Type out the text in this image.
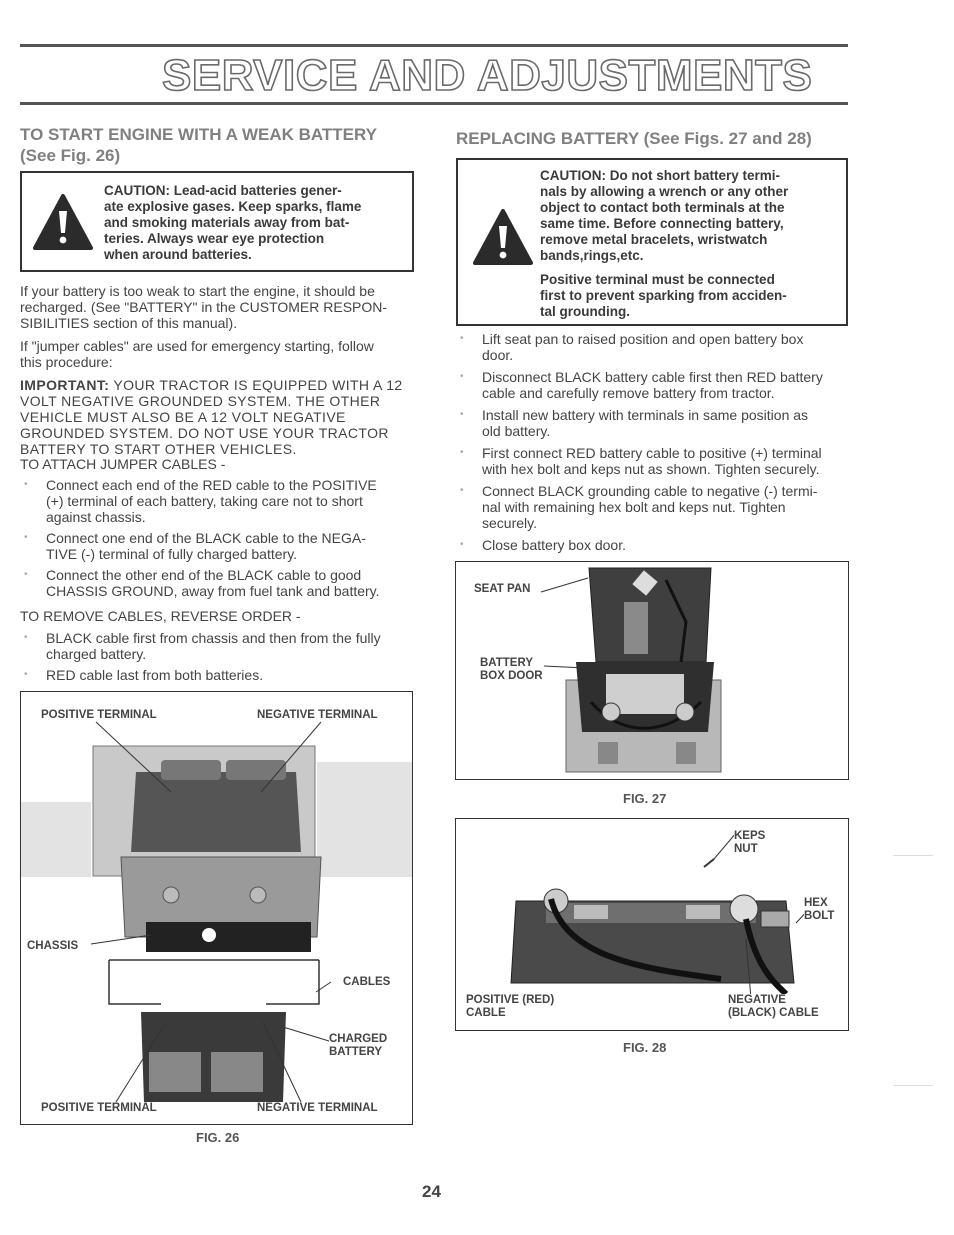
SERVICE AND ADJUSTMENTS
TO START ENGINE WITH A WEAK BATTERY
(See Fig. 26)
CAUTION: Lead-acid batteries gener-
ate explosive gases. Keep sparks, flame
and smoking materials away from bat-
teries. Always wear eye protection
when around batteries.

If your battery is too weak to start the engine, it should be
recharged. (See "BATTERY" in the CUSTOMER RESPON-
SIBILITIES section of this manual).

If "jumper cables" are used for emergency starting, follow
this procedure:

IMPORTANT: YOUR TRACTOR IS EQUIPPED WITH A 12
VOLT NEGATIVE GROUNDED SYSTEM. THE OTHER
VEHICLE MUST ALSO BE A 12 VOLT NEGATIVE
GROUNDED SYSTEM. DO NOT USE YOUR TRACTOR
BATTERY TO START OTHER VEHICLES.

TO ATTACH JUMPER CABLES -

• Connect each end of the RED cable to the POSITIVE
(+) terminal of each battery, taking care not to short
against chassis.
• Connect one end of the BLACK cable to the NEGA-
TIVE (-) terminal of fully charged battery.
• Connect the other end of the BLACK cable to good
CHASSIS GROUND, away from fuel tank and battery.

TO REMOVE CABLES, REVERSE ORDER -

• BLACK cable first from chassis and then from the fully
charged battery.
• RED cable last from both batteries.
POSITIVE TERMINAL	NEGATIVE TERMINAL
CHASSIS
CABLES
CHARGED
BATTERY
POSITIVE TERMINAL	NEGATIVE TERMINAL
FIG. 26
REPLACING BATTERY (See Figs. 27 and 28)
CAUTION: Do not short battery termi-
nals by allowing a wrench or any other
object to contact both terminals at the
same time. Before connecting battery,
remove metal bracelets, wristwatch
bands,rings,etc.
Positive terminal must be connected
first to prevent sparking from acciden-
tal grounding.
• Lift seat pan to raised position and open battery box
door.
• Disconnect BLACK battery cable first then RED battery
cable and carefully remove battery from tractor.
• Install new battery with terminals in same position as
old battery.
• First connect RED battery cable to positive (+) terminal
with hex bolt and keps nut as shown. Tighten securely.
• Connect BLACK grounding cable to negative (-) termi-
nal with remaining hex bolt and keps nut. Tighten
securely.
• Close battery box door.
SEAT PAN
BATTERY
BOX DOOR
FIG. 27
KEPS
NUT
HEX
BOLT
POSITIVE (RED)
CABLE
NEGATIVE
(BLACK) CABLE
FIG. 28
24
